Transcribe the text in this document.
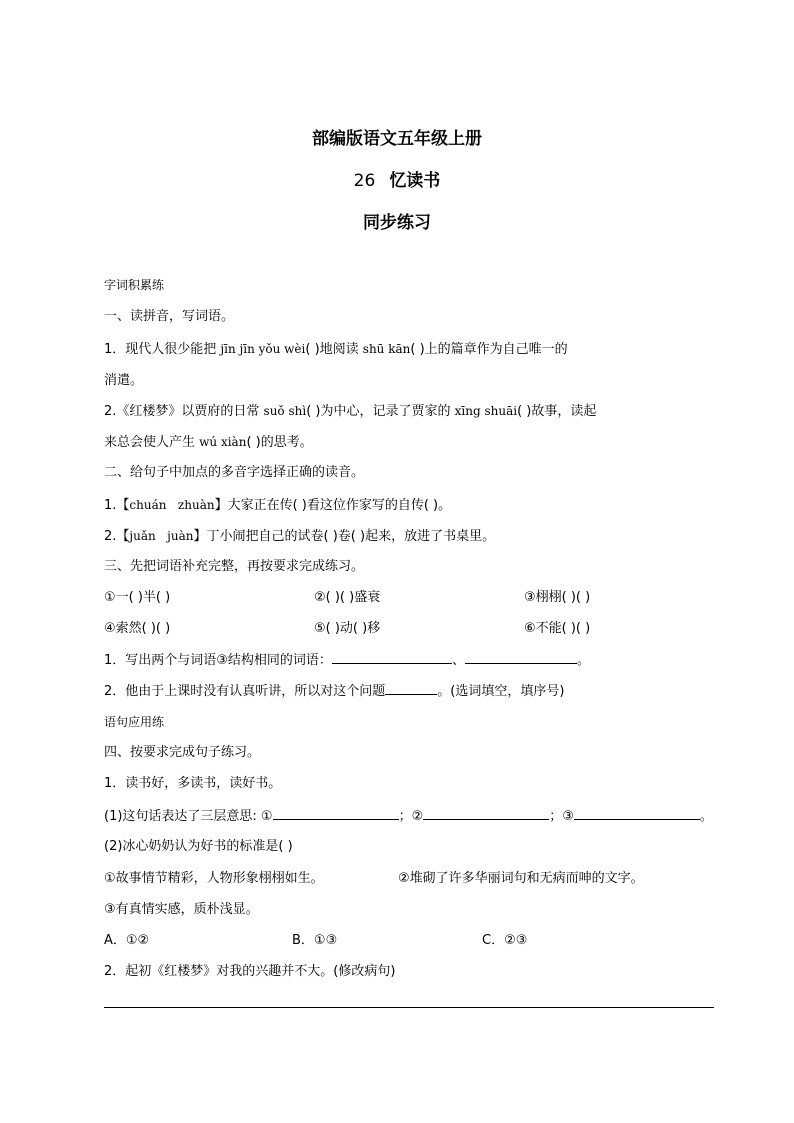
部编版语文五年级上册
26 忆读书
同步练习
字词积累练
一、读拼音，写词语。
1．现代人很少能把 jīn jīn yǒu wèi( )地阅读 shū kān( )上的篇章作为自己唯一的
消遣。
2.《红楼梦》以贾府的日常 suǒ shì( )为中心，记录了贾家的 xīng shuāi( )故事，读起
来总会使人产生 wú xiàn( )的思考。
二、给句子中加点的多音字选择正确的读音。
1.【chuán   zhuàn】大家正在传( )看这位作家写的自传( )。
2.【juǎn   juàn】丁小闹把自己的试卷( )卷( )起来，放进了书桌里。
三、先把词语补充完整，再按要求完成练习。
①一( )半( )	②( )( )盛衰	③栩栩( )( )
④索然( )( )	⑤( )动( )移	⑥不能( )( )
1．写出两个与词语③结构相同的词语：	、	。
2．他由于上课时没有认真听讲，所以对这个问题	。(选词填空，填序号)
语句应用练
四、按要求完成句子练习。
1．读书好，多读书，读好书。
(1)这句话表达了三层意思: ①	；②	；③	。
(2)冰心奶奶认为好书的标准是( )
①故事情节精彩，人物形象栩栩如生。	②堆砌了许多华丽词句和无病而呻的文字。
③有真情实感，质朴浅显。
A．①②	B．①③	C．②③
2．起初《红楼梦》对我的兴趣并不大。(修改病句)
